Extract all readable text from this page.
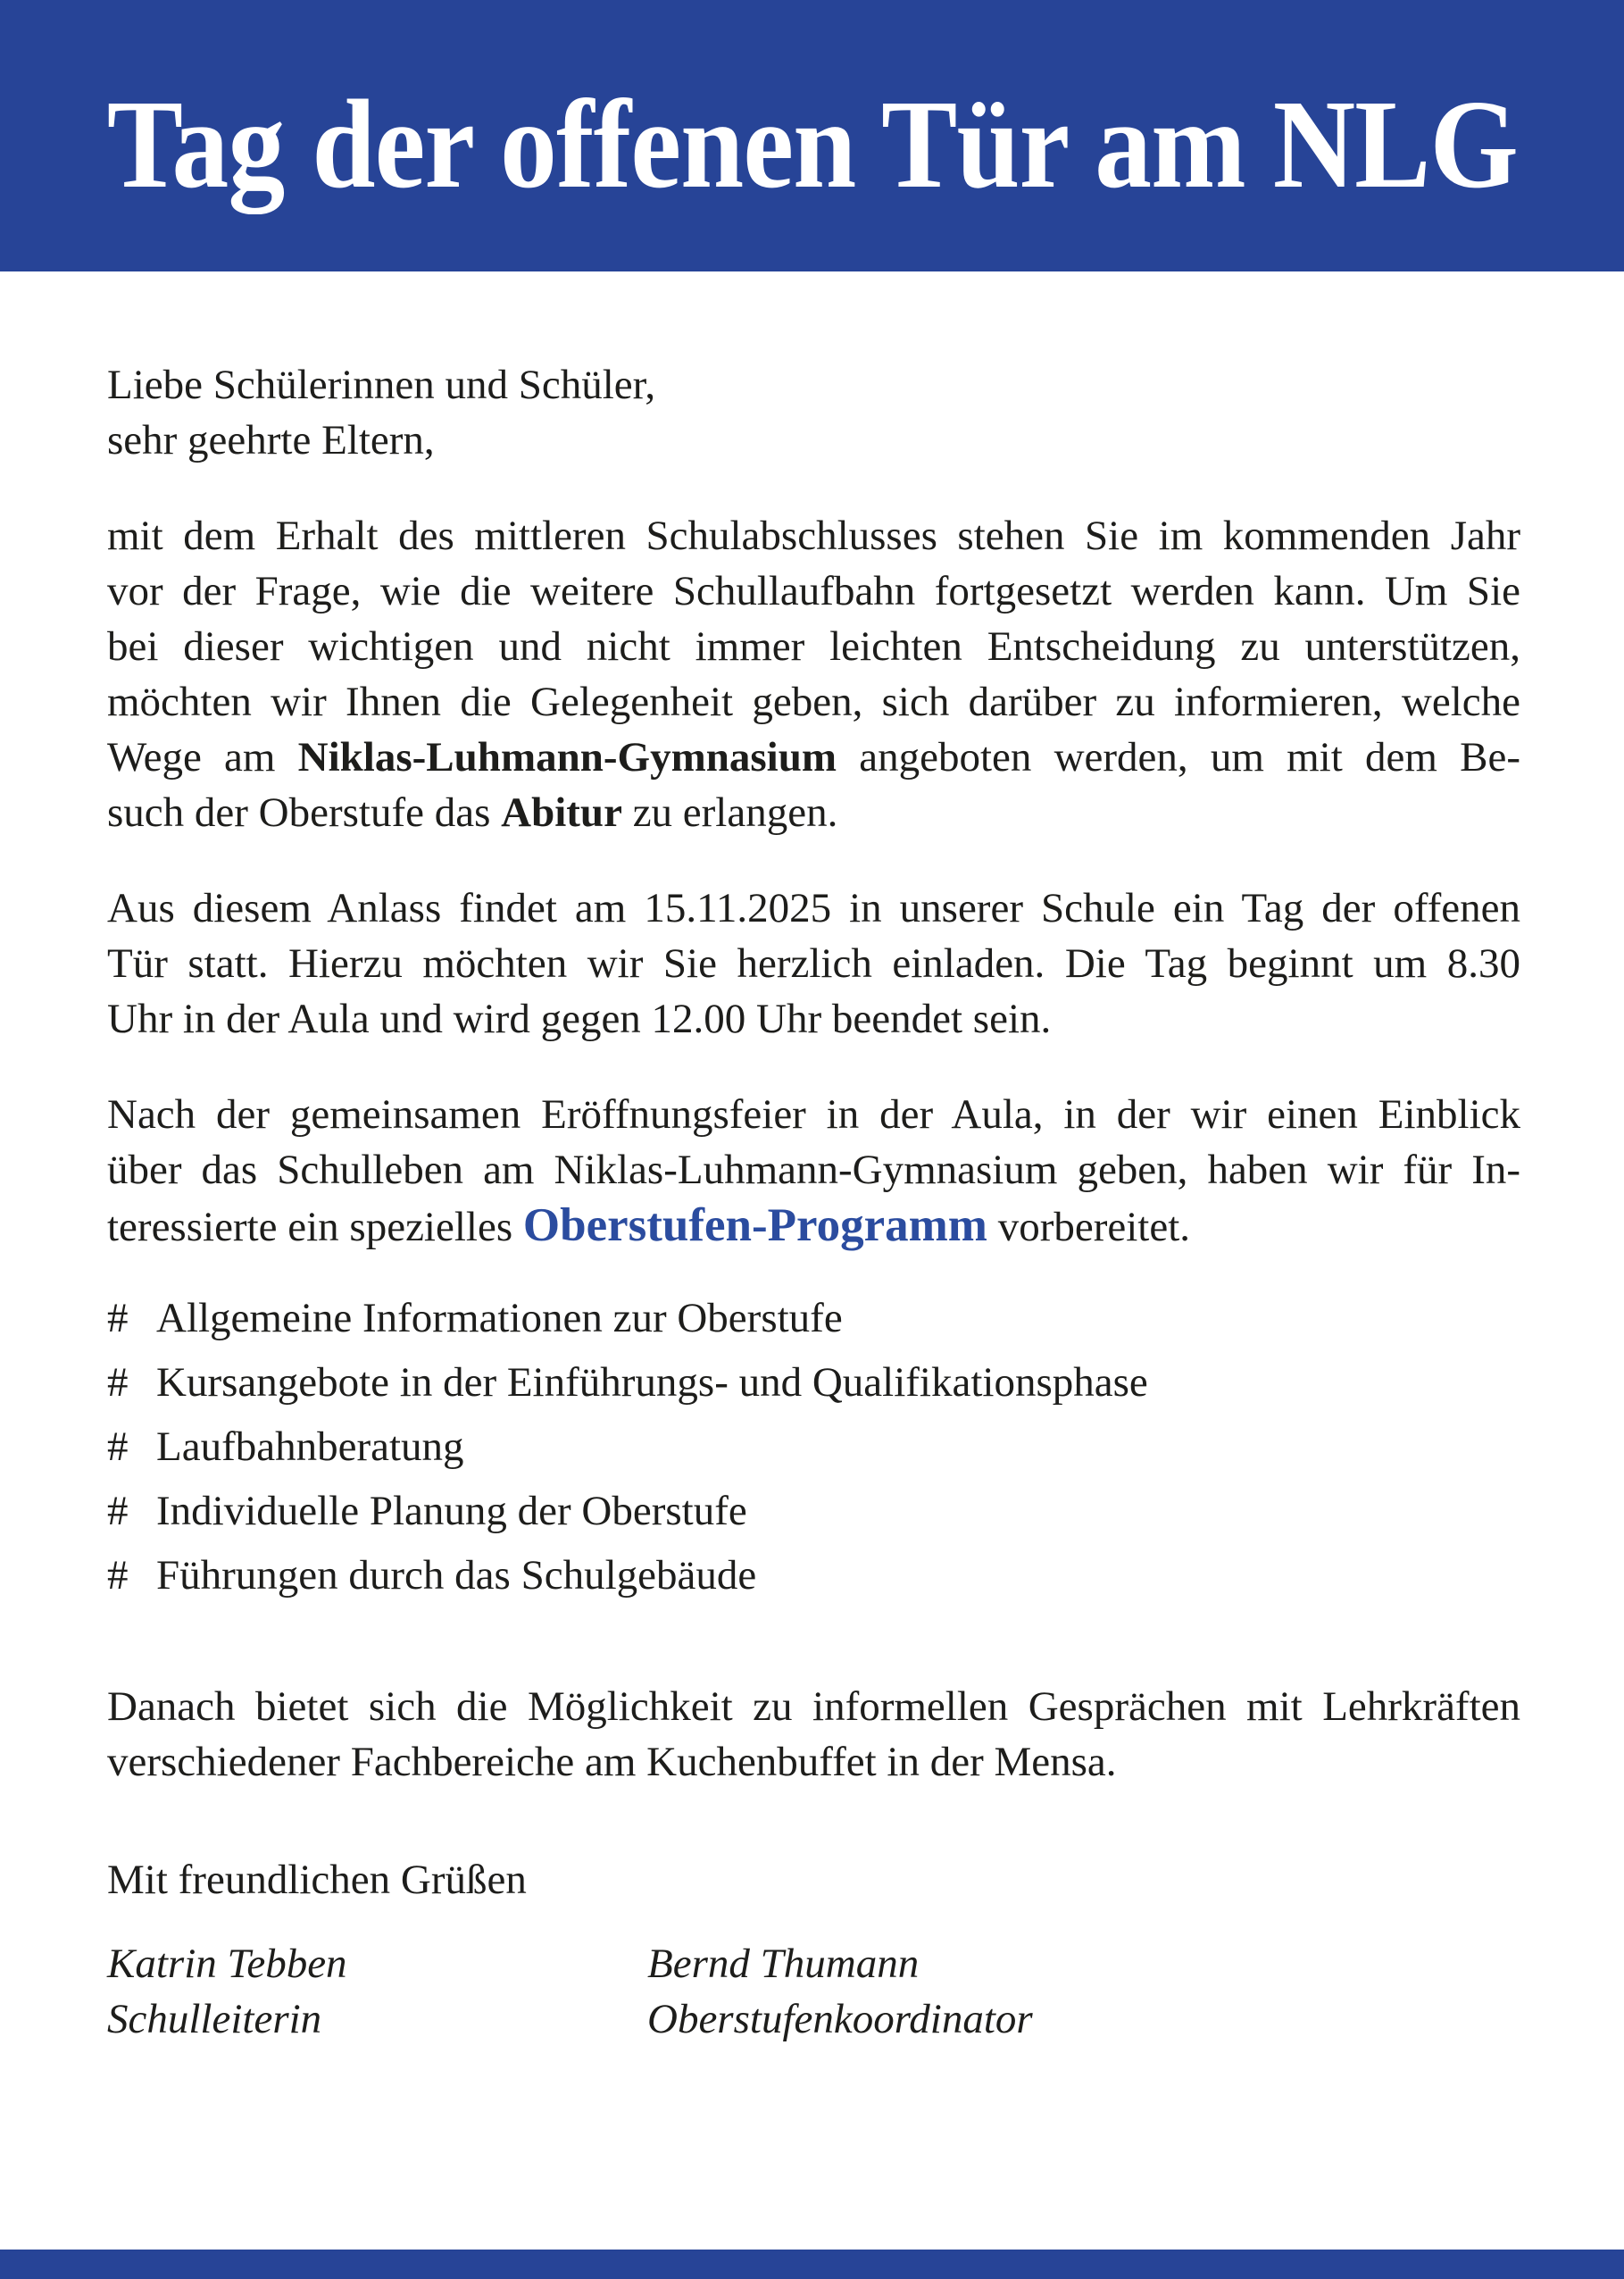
Tag der offenen Tür am NLG
Liebe Schülerinnen und Schüler,
sehr geehrte Eltern,
mit dem Erhalt des mittleren Schulabschlusses stehen Sie im kommenden Jahr
vor der Frage, wie die weitere Schullaufbahn fortgesetzt werden kann. Um Sie
bei dieser wichtigen und nicht immer leichten Entscheidung zu unterstützen,
möchten wir Ihnen die Gelegenheit geben, sich darüber zu informieren, welche
Wege am Niklas-Luhmann-Gymnasium angeboten werden, um mit dem Be-
such der Oberstufe das Abitur zu erlangen.
Aus diesem Anlass findet am 15.11.2025 in unserer Schule ein Tag der offenen
Tür statt. Hierzu möchten wir Sie herzlich einladen. Die Tag beginnt um 8.30
Uhr in der Aula und wird gegen 12.00 Uhr beendet sein.
Nach der gemeinsamen Eröffnungsfeier in der Aula, in der wir einen Einblick
über das Schulleben am Niklas-Luhmann-Gymnasium geben, haben wir für In-
teressierte ein spezielles Oberstufen-Programm vorbereitet.
# Allgemeine Informationen zur Oberstufe
# Kursangebote in der Einführungs- und Qualifikationsphase
# Laufbahnberatung
# Individuelle Planung der Oberstufe
# Führungen durch das Schulgebäude
Danach bietet sich die Möglichkeit zu informellen Gesprächen mit Lehrkräften
verschiedener Fachbereiche am Kuchenbuffet in der Mensa.
Mit freundlichen Grüßen
Katrin Tebben
Schulleiterin
Bernd Thumann
Oberstufenkoordinator
